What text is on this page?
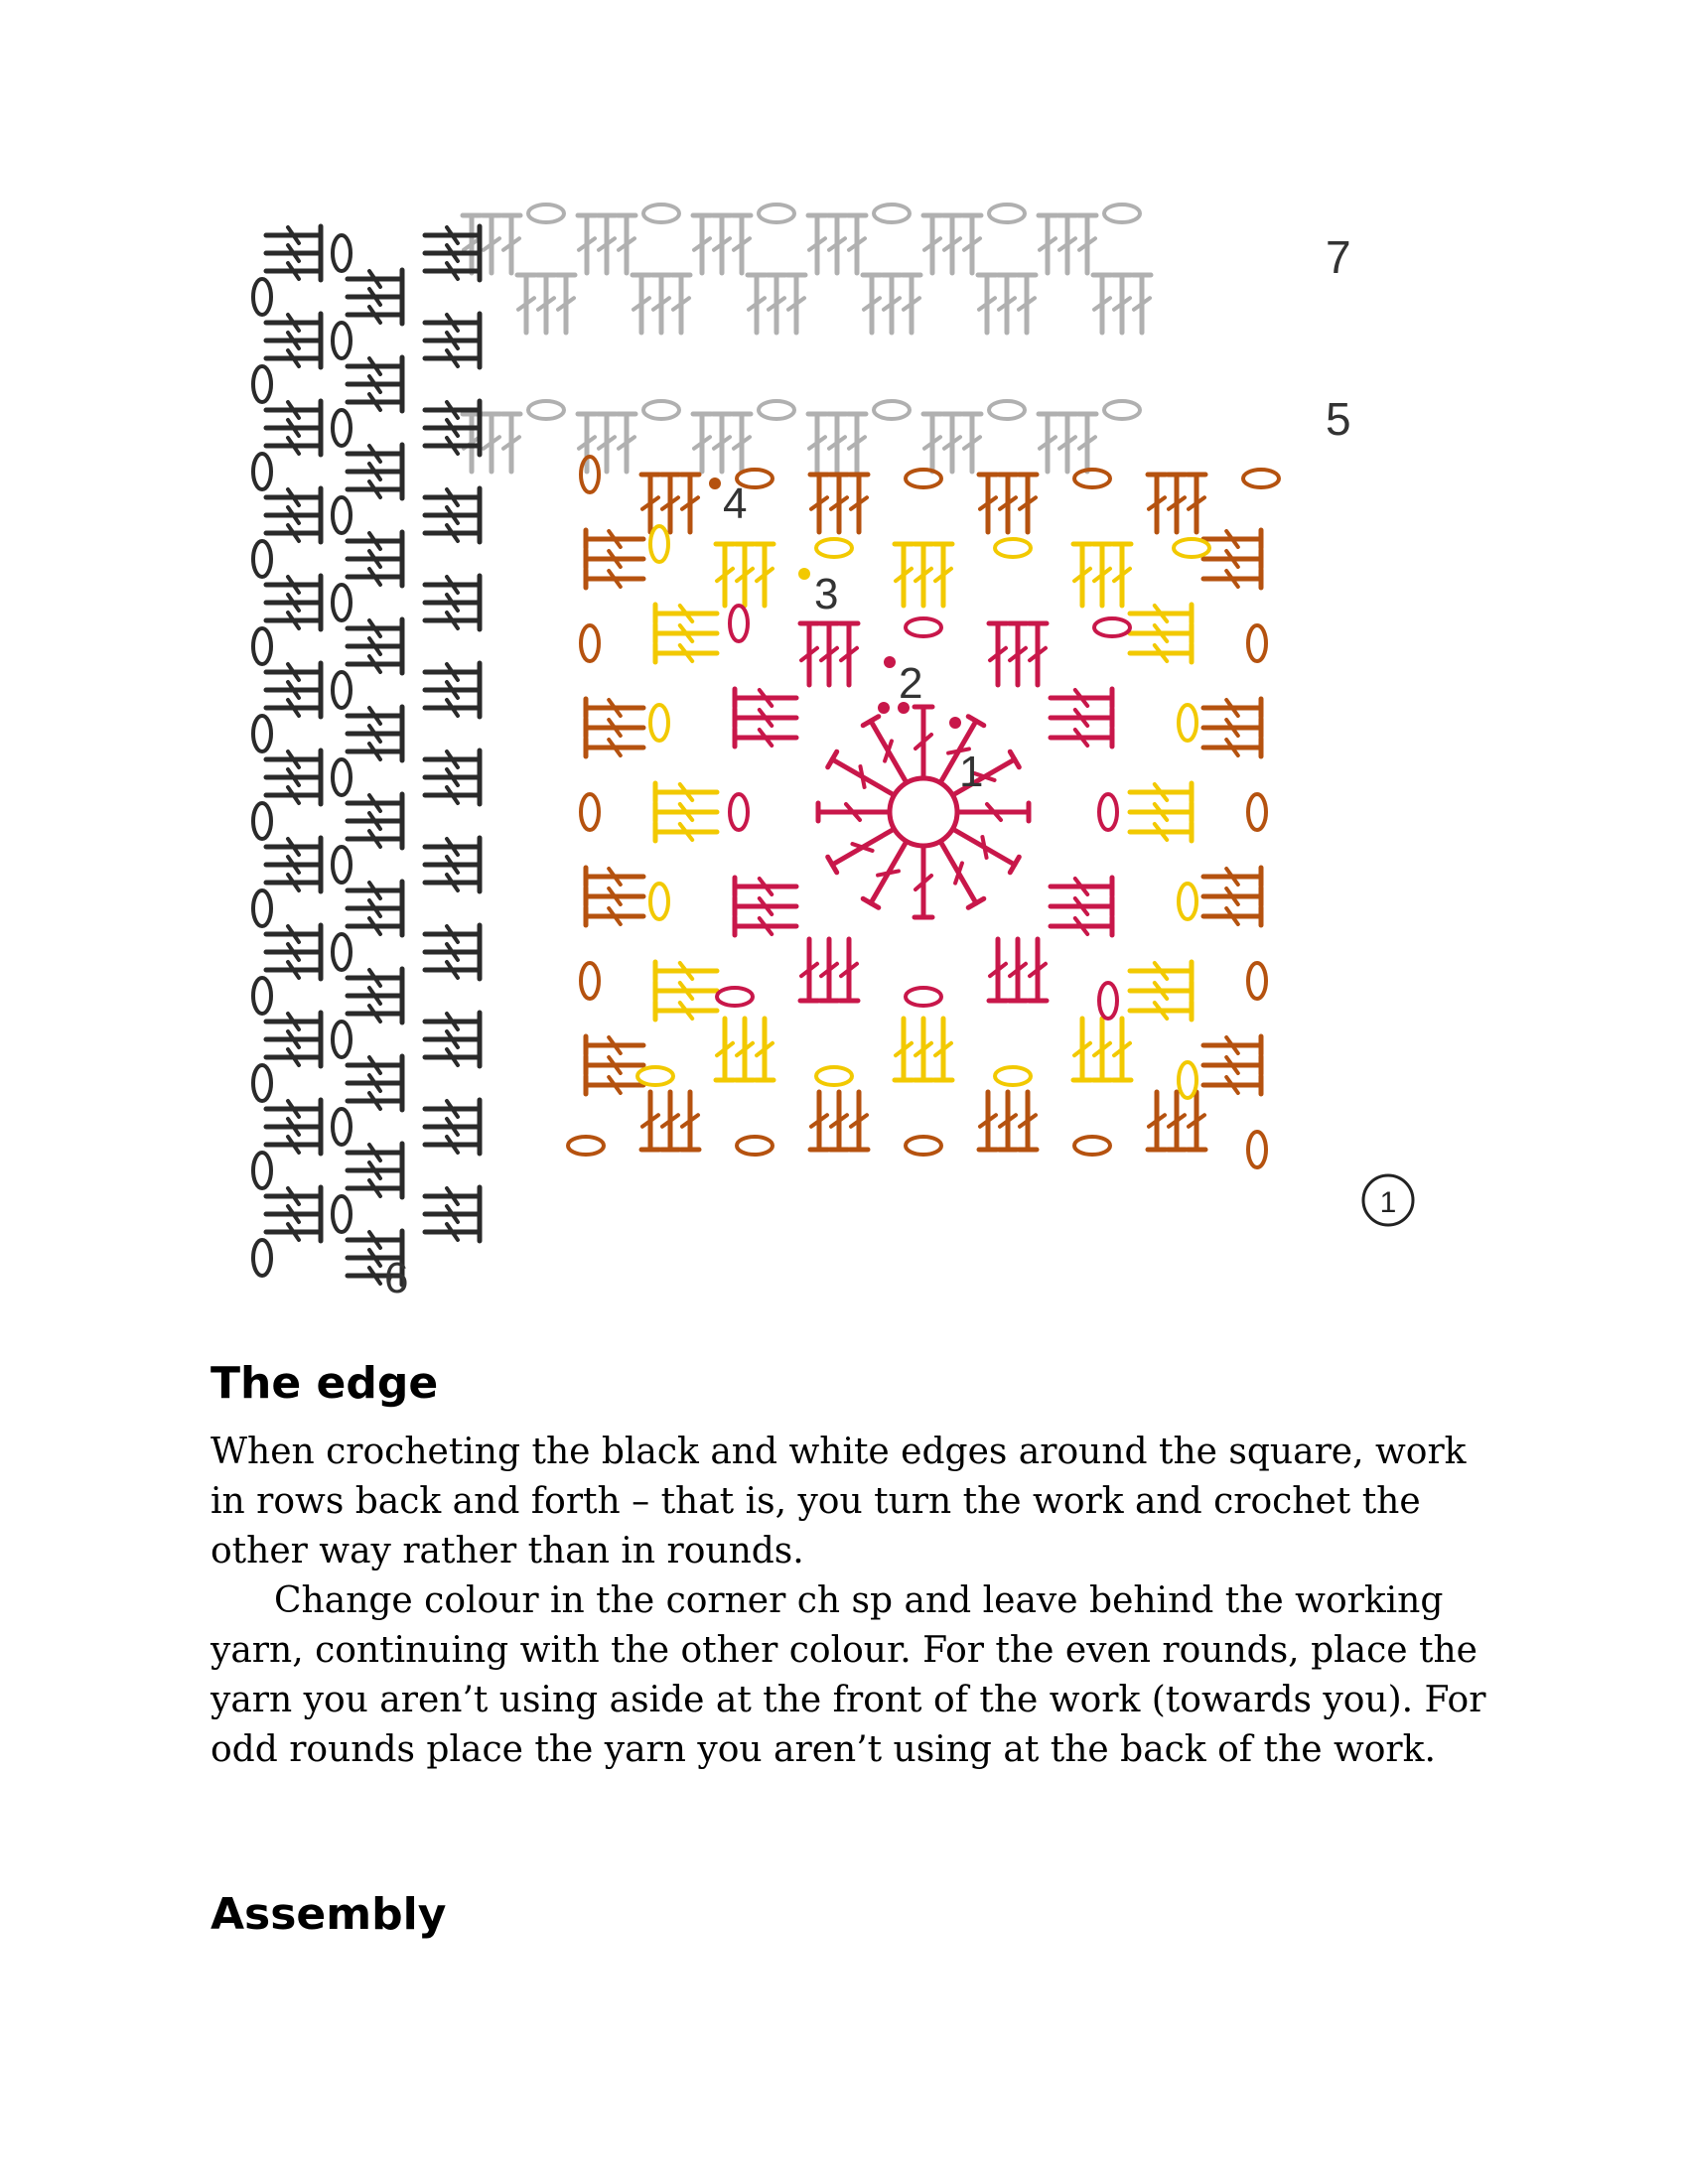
7
5
4
3
2
1
6
1
The edge

When crocheting the black and white edges around the square, work in rows back and forth – that is, you turn the work and crochet the other way rather than in rounds.

Change colour in the corner ch sp and leave behind the working yarn, continuing with the other colour. For the even rounds, place the yarn you aren’t using aside at the front of the work (towards you). For odd rounds place the yarn you aren’t using at the back of the work.

Assembly
